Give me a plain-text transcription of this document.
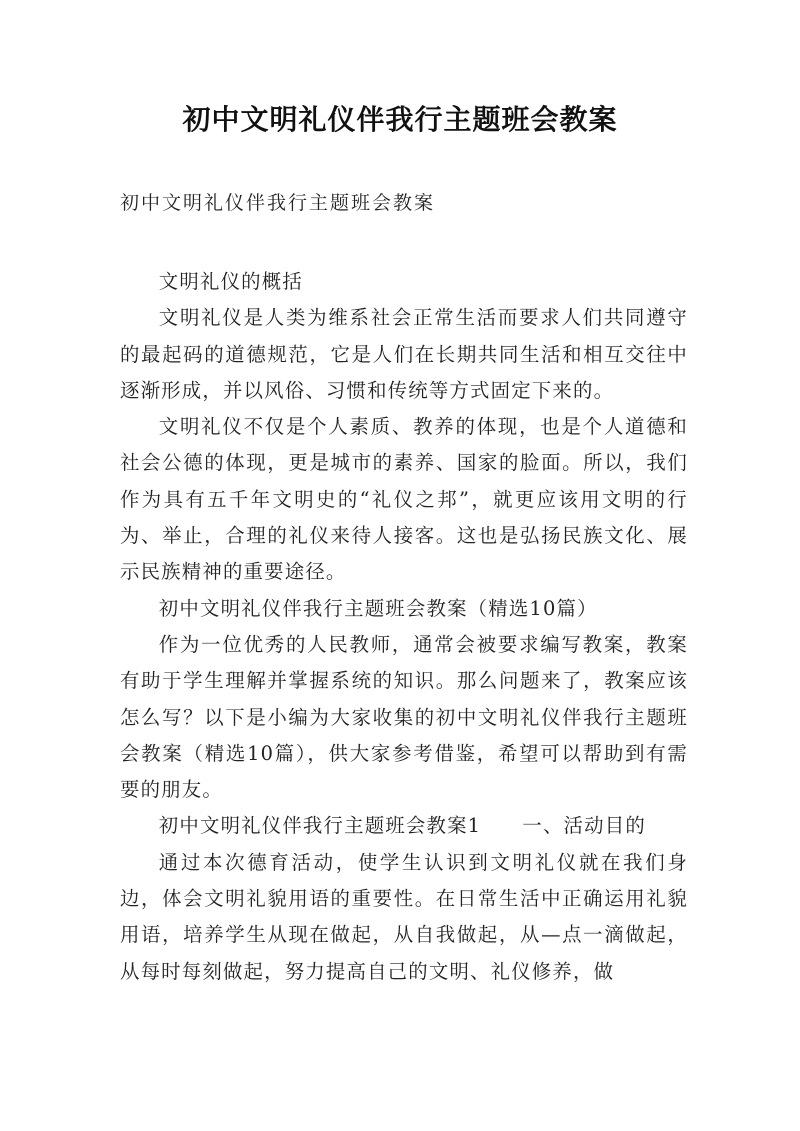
初中文明礼仪伴我行主题班会教案
初中文明礼仪伴我行主题班会教案

文明礼仪的概括

文明礼仪是人类为维系社会正常生活而要求人们共同遵守的最起码的道德规范，它是人们在长期共同生活和相互交往中逐渐形成，并以风俗、习惯和传统等方式固定下来的。

文明礼仪不仅是个人素质、教养的体现，也是个人道德和社会公德的体现，更是城市的素养、国家的脸面。所以，我们作为具有五千年文明史的“礼仪之邦”，就更应该用文明的行为、举止，合理的礼仪来待人接客。这也是弘扬民族文化、展示民族精神的重要途径。

初中文明礼仪伴我行主题班会教案（精选10篇）

作为一位优秀的人民教师，通常会被要求编写教案，教案有助于学生理解并掌握系统的知识。那么问题来了，教案应该怎么写？以下是小编为大家收集的初中文明礼仪伴我行主题班会教案（精选10篇），供大家参考借鉴，希望可以帮助到有需要的朋友。

初中文明礼仪伴我行主题班会教案1　　一、活动目的

通过本次德育活动，使学生认识到文明礼仪就在我们身边，体会文明礼貌用语的重要性。在日常生活中正确运用礼貌用语，培养学生从现在做起，从自我做起，从—点一滴做起，从每时每刻做起，努力提高自己的文明、礼仪修养，做
